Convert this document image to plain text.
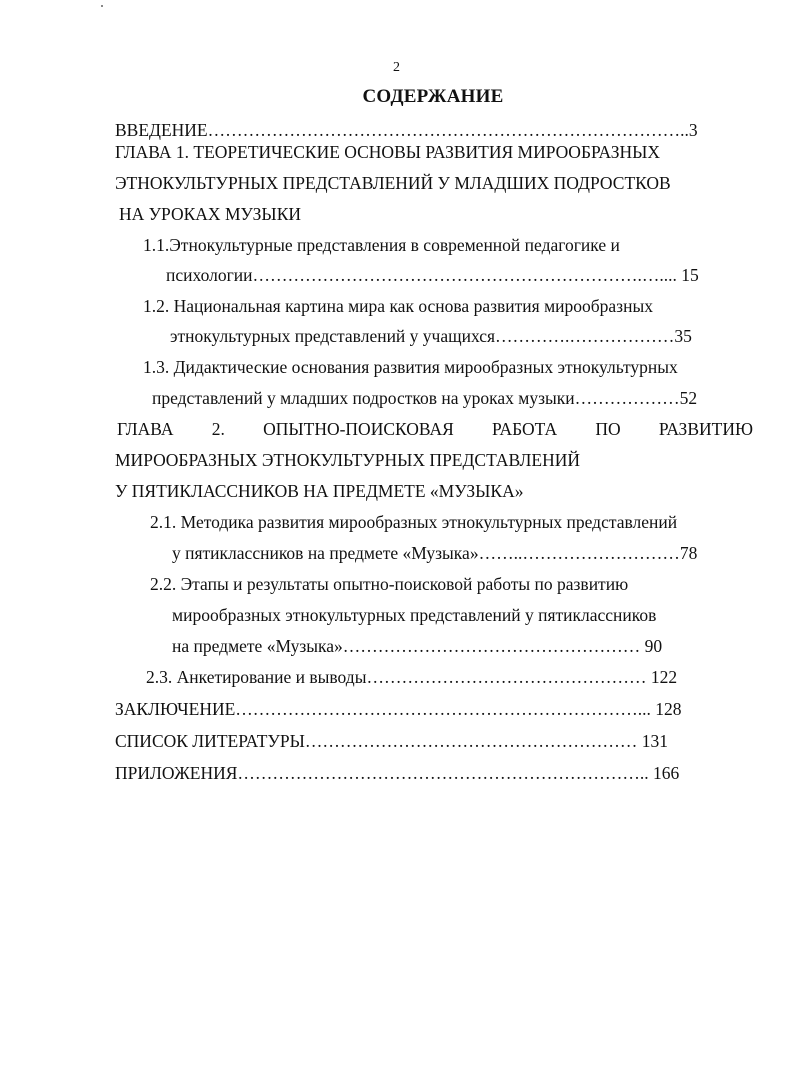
2
СОДЕРЖАНИЕ
ВВЕДЕНИЕ………………………………………………………………………..3
ГЛАВА 1. ТЕОРЕТИЧЕСКИЕ ОСНОВЫ РАЗВИТИЯ МИРООБРАЗНЫХ
ЭТНОКУЛЬТУРНЫХ ПРЕДСТАВЛЕНИЙ У МЛАДШИХ ПОДРОСТКОВ
НА УРОКАХ МУЗЫКИ
1.1.Этнокультурные представления в современной педагогике и
психологии………………………………………………………….….... 15
1.2. Национальная картина мира как основа развития мирообразных
этнокультурных представлений у учащихся………….………………35
1.3. Дидактические основания развития мирообразных этнокультурных
представлений у младших подростков на уроках музыки………………52
ГЛАВА 2. ОПЫТНО-ПОИСКОВАЯ РАБОТА ПО РАЗВИТИЮ
МИРООБРАЗНЫХ ЭТНОКУЛЬТУРНЫХ ПРЕДСТАВЛЕНИЙ
У ПЯТИКЛАССНИКОВ НА ПРЕДМЕТЕ «МУЗЫКА»
2.1. Методика развития мирообразных этнокультурных представлений
у пятиклассников на предмете «Музыка»……..………………………78
2.2. Этапы и результаты опытно-поисковой работы по развитию
мирообразных этнокультурных представлений у пятиклассников
на предмете «Музыка»…………………………………………… 90
2.3. Анкетирование и выводы………………………………………… 122
ЗАКЛЮЧЕНИЕ……………………………………………………………... 128
СПИСОК ЛИТЕРАТУРЫ………………………………………………… 131
ПРИЛОЖЕНИЯ…………………………………………………………….. 166
